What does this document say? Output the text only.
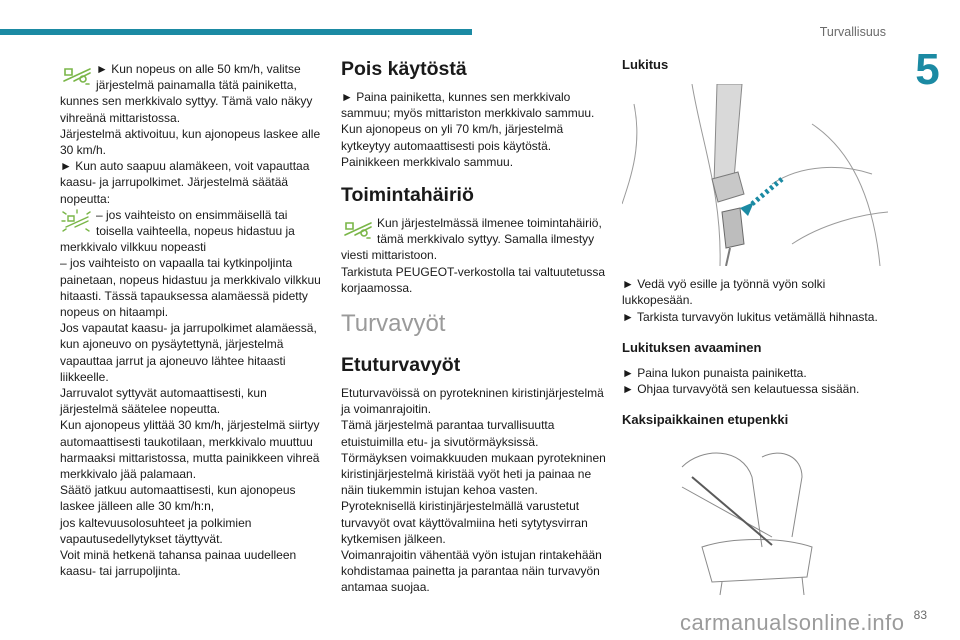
Turvallisuus
5

► Kun nopeus on alle 50 km/h, valitse

järjestelmä painamalla tätä painiketta,

kunnes sen merkkivalo syttyy. Tämä valo näkyy vihreänä mittaristossa.

Järjestelmä aktivoituu, kun ajonopeus laskee alle 30 km/h.

► Kun auto saapuu alamäkeen, voit vapauttaa kaasu- ja jarrupolkimet. Järjestelmä säätää nopeutta:

– jos vaihteisto on ensimmäisellä tai

toisella vaihteella, nopeus hidastuu ja

merkkivalo vilkkuu nopeasti

– jos vaihteisto on vapaalla tai kytkinpoljinta painetaan, nopeus hidastuu ja merkkivalo vilkkuu hitaasti. Tässä tapauksessa alamäessä pidetty nopeus on hitaampi.

Jos vapautat kaasu- ja jarrupolkimet alamäessä, kun ajoneuvo on pysäytettynä, järjestelmä vapauttaa jarrut ja ajoneuvo lähtee hitaasti liikkeelle.

Jarruvalot syttyvät automaattisesti, kun järjestelmä säätelee nopeutta.

Kun ajonopeus ylittää 30 km/h, järjestelmä siirtyy automaattisesti taukotilaan, merkkivalo muuttuu harmaaksi mittaristossa, mutta painikkeen vihreä merkkivalo jää palamaan.

Säätö jatkuu automaattisesti, kun ajonopeus laskee jälleen alle 30 km/h:n,

jos kaltevuusolosuhteet ja polkimien vapautusedellytykset täyttyvät.

Voit minä hetkenä tahansa painaa uudelleen kaasu- tai jarrupoljinta.

Pois käytöstä

► Paina painiketta, kunnes sen merkkivalo sammuu; myös mittariston merkkivalo sammuu.

Kun ajonopeus on yli 70 km/h, järjestelmä kytkeytyy automaattisesti pois käytöstä.

Painikkeen merkkivalo sammuu.

Toimintahäiriö

Kun järjestelmässä ilmenee toimintahäiriö,

tämä merkkivalo syttyy. Samalla ilmestyy

viesti mittaristoon.

Tarkistuta PEUGEOT-verkostolla tai valtuutetussa korjaamossa.

Turvavyöt
Etuturvavyöt

Etuturvavöissä on pyrotekninen kiristinjärjestelmä ja voimanrajoitin.

Tämä järjestelmä parantaa turvallisuutta etuistuimilla etu- ja sivutörmäyksissä.

Törmäyksen voimakkuuden mukaan pyrotekninen kiristinjärjestelmä kiristää vyöt heti ja painaa ne näin tiukemmin istujan kehoa vasten.

Pyroteknisellä kiristinjärjestelmällä varustetut turvavyöt ovat käyttövalmiina heti sytytysvirran kytkemisen jälkeen.

Voimanrajoitin vähentää vyön istujan rintakehään kohdistamaa painetta ja parantaa näin turvavyön antamaa suojaa.

Lukitus

► Vedä vyö esille ja työnnä vyön solki lukkopesään.

► Tarkista turvavyön lukitus vetämällä hihnasta.

Lukituksen avaaminen

► Paina lukon punaista painiketta.

► Ohjaa turvavyötä sen kelautuessa sisään.

Kaksipaikkainen etupenkki
83
carmanualsonline.info
